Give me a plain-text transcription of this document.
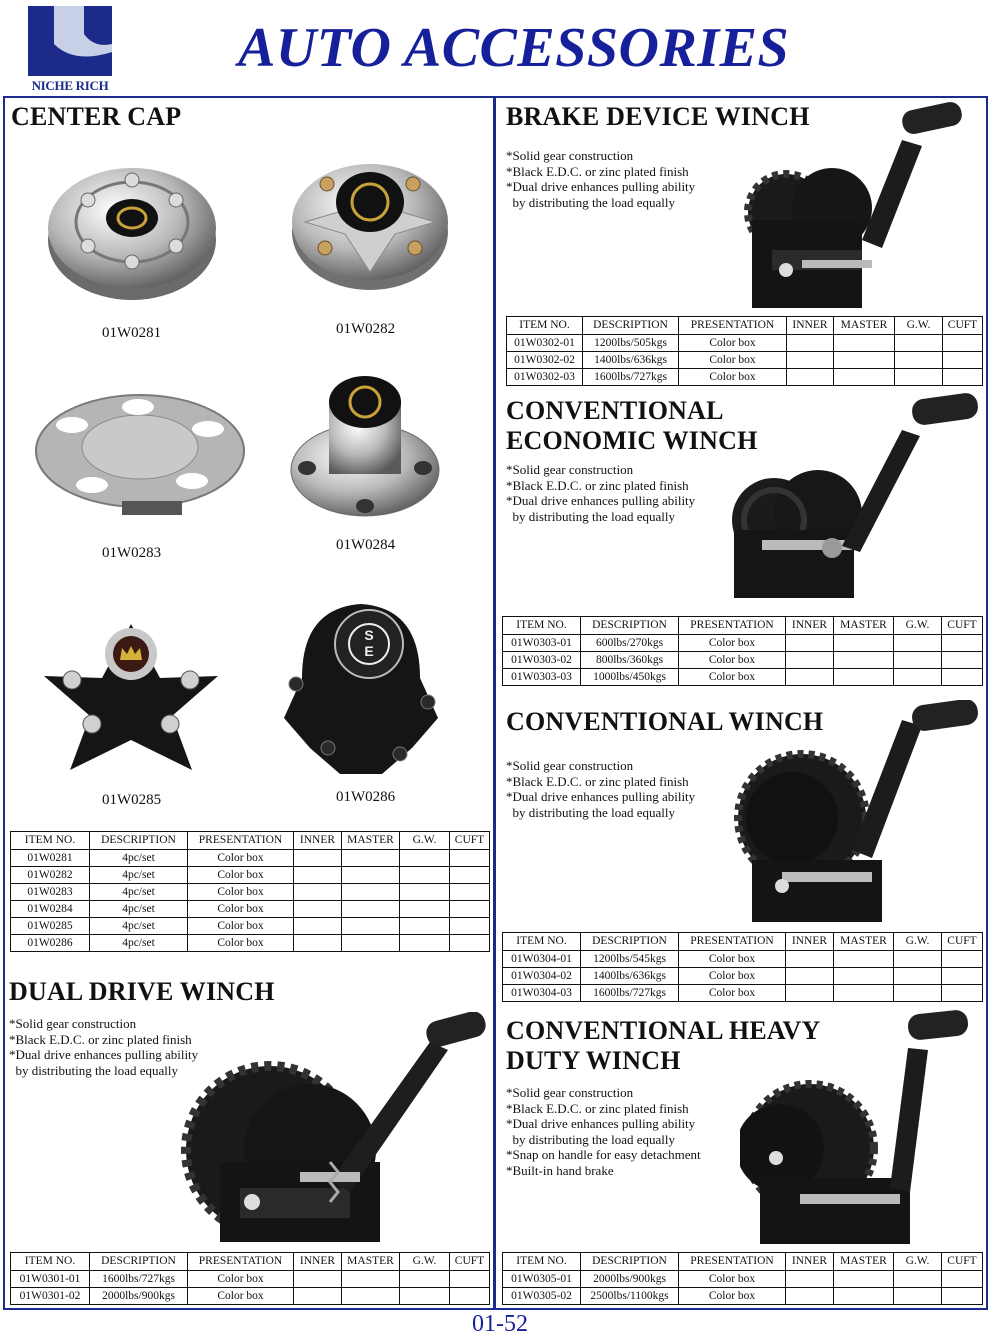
NICHE RICH
AUTO ACCESSORIES
CENTER CAP
01W0281	01W0282
01W0283	01W0284
S
E
01W0285	01W0286
ITEM NO.	DESCRIPTION	PRESENTATION	INNER	MASTER	G.W.	CUFT
01W0281	4pc/set	Color box				
01W0282	4pc/set	Color box				
01W0283	4pc/set	Color box				
01W0284	4pc/set	Color box				
01W0285	4pc/set	Color box				
01W0286	4pc/set	Color box				
DUAL DRIVE WINCH
*Solid gear construction
*Black E.D.C. or zinc plated finish
*Dual drive enhances pulling ability
by distributing the load equally
ITEM NO.	DESCRIPTION	PRESENTATION	INNER	MASTER	G.W.	CUFT
01W0301-01	1600lbs/727kgs	Color box				
01W0301-02	2000lbs/900kgs	Color box				
BRAKE DEVICE WINCH
*Solid gear construction
*Black E.D.C. or zinc plated finish
*Dual drive enhances pulling ability
by distributing the load equally
ITEM NO.	DESCRIPTION	PRESENTATION	INNER	MASTER	G.W.	CUFT
01W0302-01	1200lbs/505kgs	Color box				
01W0302-02	1400lbs/636kgs	Color box				
01W0302-03	1600lbs/727kgs	Color box				
CONVENTIONAL
ECONOMIC WINCH
*Solid gear construction
*Black E.D.C. or zinc plated finish
*Dual drive enhances pulling ability
by distributing the load equally
ITEM NO.	DESCRIPTION	PRESENTATION	INNER	MASTER	G.W.	CUFT
01W0303-01	600lbs/270kgs	Color box				
01W0303-02	800lbs/360kgs	Color box				
01W0303-03	1000lbs/450kgs	Color box				
CONVENTIONAL WINCH
*Solid gear construction
*Black E.D.C. or zinc plated finish
*Dual drive enhances pulling ability
by distributing the load equally
ITEM NO.	DESCRIPTION	PRESENTATION	INNER	MASTER	G.W.	CUFT
01W0304-01	1200lbs/545kgs	Color box				
01W0304-02	1400lbs/636kgs	Color box				
01W0304-03	1600lbs/727kgs	Color box				
CONVENTIONAL HEAVY
DUTY WINCH
*Solid gear construction
*Black E.D.C. or zinc plated finish
*Dual drive enhances pulling ability
by distributing the load equally
*Snap on handle for easy detachment
*Built-in hand brake
ITEM NO.	DESCRIPTION	PRESENTATION	INNER	MASTER	G.W.	CUFT
01W0305-01	2000lbs/900kgs	Color box				
01W0305-02	2500lbs/1100kgs	Color box				
01-52
